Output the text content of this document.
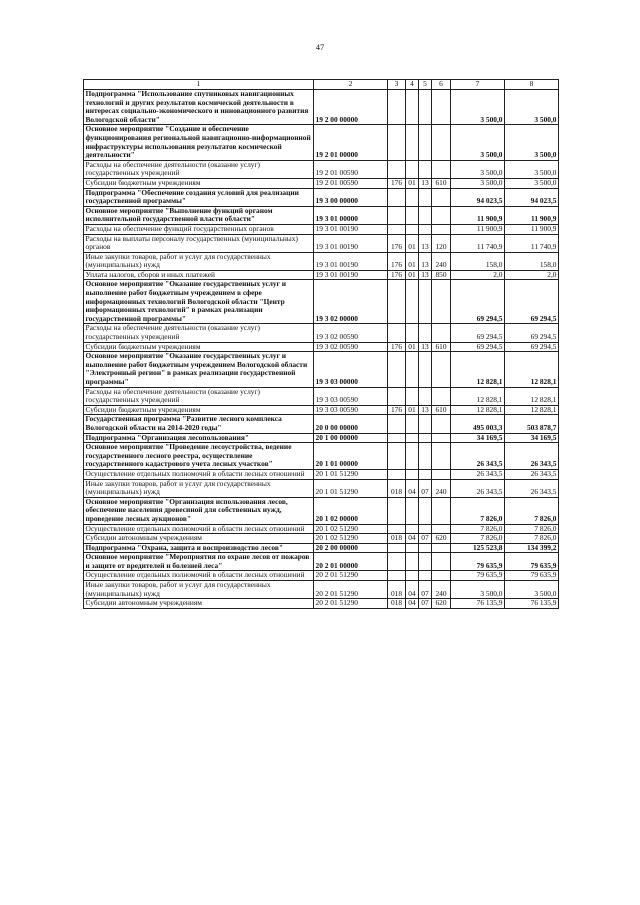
47
1	2	3	4	5	6	7	8
Подпрограмма "Использование спутниковых навигационных технологий и других результатов космической деятельности в интересах социально-экономического и инновационного развития Вологодской области"	19 2 00 00000					3 500,0	3 500,0
Основное мероприятие "Создание и обеспечение функционирования региональной навигационно-информационной инфраструктуры использования результатов космической деятельности"	19 2 01 00000					3 500,0	3 500,0
Расходы на обеспечение деятельности (оказание услуг) государственных учреждений	19 2 01 00590					3 500,0	3 500,0
Субсидии бюджетным учреждениям	19 2 01 00590	176	01	13	610	3 500,0	3 500,0
Подпрограмма "Обеспечение создания условий для реализации государственной программы"	19 3 00 00000					94 023,5	94 023,5
Основное мероприятие "Выполнение функций органом исполнительной государственной власти области"	19 3 01 00000					11 900,9	11 900,9
Расходы на обеспечение функций государственных органов	19 3 01 00190					11 900,9	11 900,9
Расходы на выплаты персоналу государственных (муниципальных) органов	19 3 01 00190	176	01	13	120	11 740,9	11 740,9
Иные закупки товаров, работ и услуг для государственных (муниципальных) нужд	19 3 01 00190	176	01	13	240	158,0	158,0
Уплата налогов, сборов и иных платежей	19 3 01 00190	176	01	13	850	2,0	2,0
Основное мероприятие "Оказание государственных услуг и выполнение работ бюджетным учреждением в сфере информационных технологий Вологодской области "Центр информационных технологий" в рамках реализации государственной программы"	19 3 02 00000					69 294,5	69 294,5
Расходы на обеспечение деятельности (оказание услуг) государственных учреждений	19 3 02 00590					69 294,5	69 294,5
Субсидии бюджетным учреждениям	19 3 02 00590	176	01	13	610	69 294,5	69 294,5
Основное мероприятие "Оказание государственных услуг и выполнение работ бюджетным учреждением Вологодской области "Электронный регион" в рамках реализации государственной программы"	19 3 03 00000					12 828,1	12 828,1
Расходы на обеспечение деятельности (оказание услуг) государственных учреждений	19 3 03 00590					12 828,1	12 828,1
Субсидии бюджетным учреждениям	19 3 03 00590	176	01	13	610	12 828,1	12 828,1
Государственная программа "Развитие лесного комплекса Вологодской области на 2014-2020 годы"	20 0 00 00000					495 003,3	503 878,7
Подпрограмма "Организация лесопользования"	20 1 00 00000					34 169,5	34 169,5
Основное мероприятие "Проведение лесоустройства, ведение государственного лесного реестра, осуществление государственного кадастрового учета лесных участков"	20 1 01 00000					26 343,5	26 343,5
Осуществление отдельных полномочий в области лесных отношений	20 1 01 51290					26 343,5	26 343,5
Иные закупки товаров, работ и услуг для государственных (муниципальных) нужд	20 1 01 51290	018	04	07	240	26 343,5	26 343,5
Основное мероприятие "Организация использования лесов, обеспечение населения древесиной для собственных нужд, проведение лесных аукционов"	20 1 02 00000					7 826,0	7 826,0
Осуществление отдельных полномочий в области лесных отношений	20 1 02 51290					7 826,0	7 826,0
Субсидии автономным учреждениям	20 1 02 51290	018	04	07	620	7 826,0	7 826,0
Подпрограмма "Охрана, защита и воспроизводство лесов"	20 2 00 00000					125 523,8	134 399,2
Основное мероприятие "Мероприятия по охране лесов от пожаров и защите от вредителей и болезней леса"	20 2 01 00000					79 635,9	79 635,9
Осуществление отдельных полномочий в области лесных отношений	20 2 01 51290					79 635,9	79 635,9
Иные закупки товаров, работ и услуг для государственных (муниципальных) нужд	20 2 01 51290	018	04	07	240	3 500,0	3 500,0
Субсидии автономным учреждениям	20 2 01 51290	018	04	07	620	76 135,9	76 135,9
